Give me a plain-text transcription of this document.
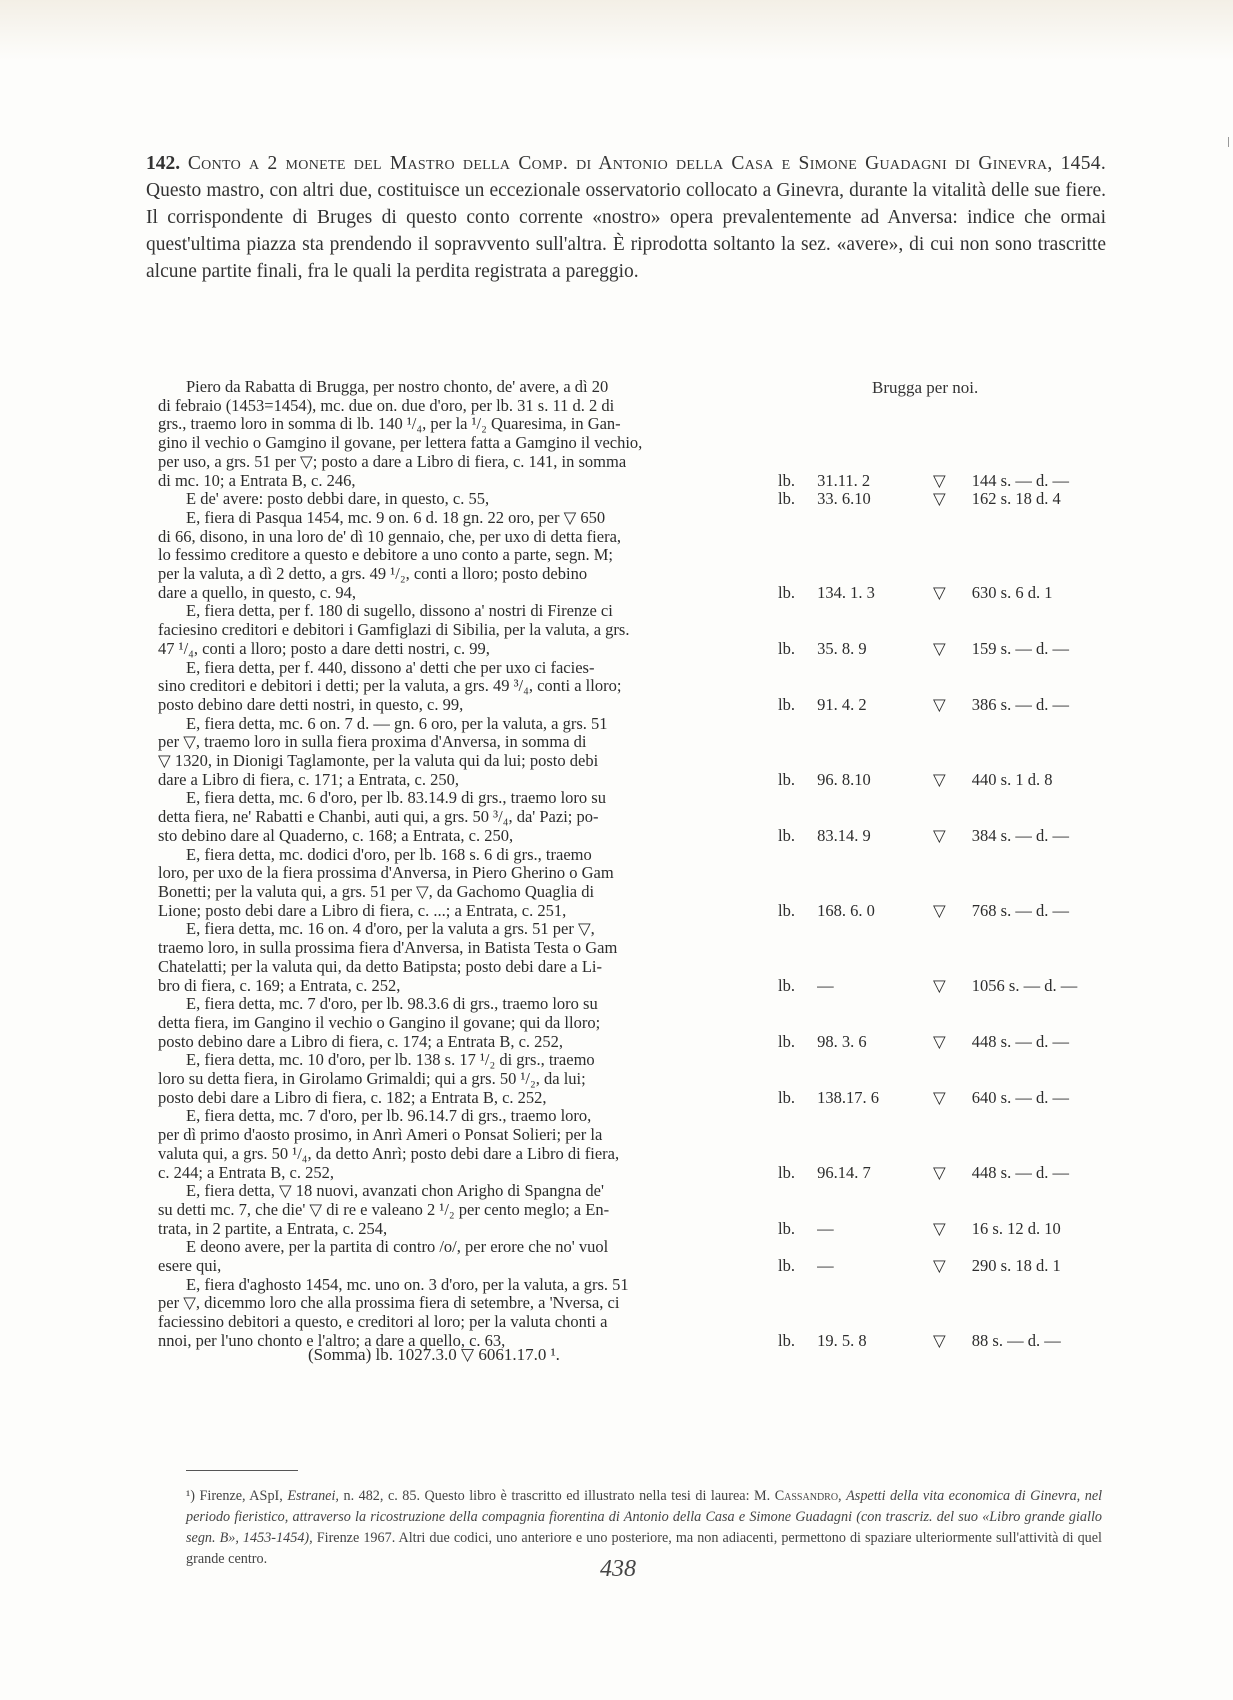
142. Conto a 2 monete del Mastro della Comp. di Antonio della Casa e Simone Guadagni di Ginevra, 1454. Questo mastro, con altri due, costituisce un eccezionale osservatorio collocato a Ginevra, durante la vitalità delle sue fiere. Il corrispondente di Bruges di questo conto corrente «nostro» opera prevalentemente ad Anversa: indice che ormai quest'ultima piazza sta prendendo il sopravvento sull'altra. È riprodotta soltanto la sez. «avere», di cui non sono trascritte alcune partite finali, fra le quali la perdita registrata a pareggio.
Brugga per noi.
Piero da Rabatta di Brugga, per nostro chonto, de' avere, a dì 20
di febraio (1453=1454), mc. due on. due d'oro, per lb. 31 s. 11 d. 2 di
grs., traemo loro in somma di lb. 140 ¹/₄, per la ¹/₂ Quaresima, in Gan-
gino il vechio o Gamgino il govane, per lettera fatta a Gamgino il vechio,
per uso, a grs. 51 per ▽; posto a dare a Libro di fiera, c. 141, in somma
di mc. 10; a Entrata B, c. 246,	lb.	31.11. 2	▽	144 s. — d. —
E de' avere: posto debbi dare, in questo, c. 55,	lb.	33. 6.10	▽	162 s. 18 d. 4
E, fiera di Pasqua 1454, mc. 9 on. 6 d. 18 gn. 22 oro, per ▽ 650
di 66, disono, in una loro de' dì 10 gennaio, che, per uxo di detta fiera,
lo fessimo creditore a questo e debitore a uno conto a parte, segn. M;
per la valuta, a dì 2 detto, a grs. 49 ¹/₂, conti a lloro; posto debino
dare a quello, in questo, c. 94,	lb.	134. 1. 3	▽	630 s. 6 d. 1
E, fiera detta, per f. 180 di sugello, dissono a' nostri di Firenze ci
faciesino creditori e debitori i Gamfiglazi di Sibilia, per la valuta, a grs.
47 ¹/₄, conti a lloro; posto a dare detti nostri, c. 99,	lb.	35. 8. 9	▽	159 s. — d. —
E, fiera detta, per f. 440, dissono a' detti che per uxo ci facies-
sino creditori e debitori i detti; per la valuta, a grs. 49 ³/₄, conti a lloro;
posto debino dare detti nostri, in questo, c. 99,	lb.	91. 4. 2	▽	386 s. — d. —
E, fiera detta, mc. 6 on. 7 d. — gn. 6 oro, per la valuta, a grs. 51
per ▽, traemo loro in sulla fiera proxima d'Anversa, in somma di
▽ 1320, in Dionigi Taglamonte, per la valuta qui da lui; posto debi
dare a Libro di fiera, c. 171; a Entrata, c. 250,	lb.	96. 8.10	▽	440 s. 1 d. 8
E, fiera detta, mc. 6 d'oro, per lb. 83.14.9 di grs., traemo loro su
detta fiera, ne' Rabatti e Chanbi, auti qui, a grs. 50 ³/₄, da' Pazi; po-
sto debino dare al Quaderno, c. 168; a Entrata, c. 250,	lb.	83.14. 9	▽	384 s. — d. —
E, fiera detta, mc. dodici d'oro, per lb. 168 s. 6 di grs., traemo
loro, per uxo de la fiera prossima d'Anversa, in Piero Gherino o Gam
Bonetti; per la valuta qui, a grs. 51 per ▽, da Gachomo Quaglia di
Lione; posto debi dare a Libro di fiera, c. ...; a Entrata, c. 251,	lb.	168. 6. 0	▽	768 s. — d. —
E, fiera detta, mc. 16 on. 4 d'oro, per la valuta a grs. 51 per ▽,
traemo loro, in sulla prossima fiera d'Anversa, in Batista Testa o Gam
Chatelatti; per la valuta qui, da detto Batipsta; posto debi dare a Li-
bro di fiera, c. 169; a Entrata, c. 252,	lb.	—	▽	1056 s. — d. —
E, fiera detta, mc. 7 d'oro, per lb. 98.3.6 di grs., traemo loro su
detta fiera, im Gangino il vechio o Gangino il govane; qui da lloro;
posto debino dare a Libro di fiera, c. 174; a Entrata B, c. 252,	lb.	98. 3. 6	▽	448 s. — d. —
E, fiera detta, mc. 10 d'oro, per lb. 138 s. 17 ¹/₂ di grs., traemo
loro su detta fiera, in Girolamo Grimaldi; qui a grs. 50 ¹/₂, da lui;
posto debi dare a Libro di fiera, c. 182; a Entrata B, c. 252,	lb.	138.17. 6	▽	640 s. — d. —
E, fiera detta, mc. 7 d'oro, per lb. 96.14.7 di grs., traemo loro,
per dì primo d'aosto prosimo, in Anrì Ameri o Ponsat Solieri; per la
valuta qui, a grs. 50 ¹/₄, da detto Anrì; posto debi dare a Libro di fiera,
c. 244; a Entrata B, c. 252,	lb.	96.14. 7	▽	448 s. — d. —
E, fiera detta, ▽ 18 nuovi, avanzati chon Arigho di Spangna de'
su detti mc. 7, che die' ▽ di re e valeano 2 ¹/₂ per cento meglo; a En-
trata, in 2 partite, a Entrata, c. 254,	lb.	—	▽	16 s. 12 d. 10
E deono avere, per la partita di contro /o/, per erore che no' vuol
esere qui,	lb.	—	▽	290 s. 18 d. 1
E, fiera d'aghosto 1454, mc. uno on. 3 d'oro, per la valuta, a grs. 51
per ▽, dicemmo loro che alla prossima fiera di setembre, a 'Nversa, ci
faciessino debitori a questo, e creditori al loro; per la valuta chonti a
nnoi, per l'uno chonto e l'altro; a dare a quello, c. 63,	lb.	19. 5. 8	▽	88 s. — d. —
(Somma) lb. 1027.3.0 ▽ 6061.17.0 ¹.
¹) Firenze, ASpI, Estranei, n. 482, c. 85. Questo libro è trascritto ed illustrato nella tesi di laurea: M. Cassandro, Aspetti della vita economica di Ginevra, nel periodo fieristico, attraverso la ricostruzione della compagnia fiorentina di Antonio della Casa e Simone Guadagni (con trascriz. del suo «Libro grande giallo segn. B», 1453-1454), Firenze 1967. Altri due codici, uno anteriore e uno posteriore, ma non adiacenti, permettono di spaziare ulteriormente sull'attività di quel grande centro.	438
